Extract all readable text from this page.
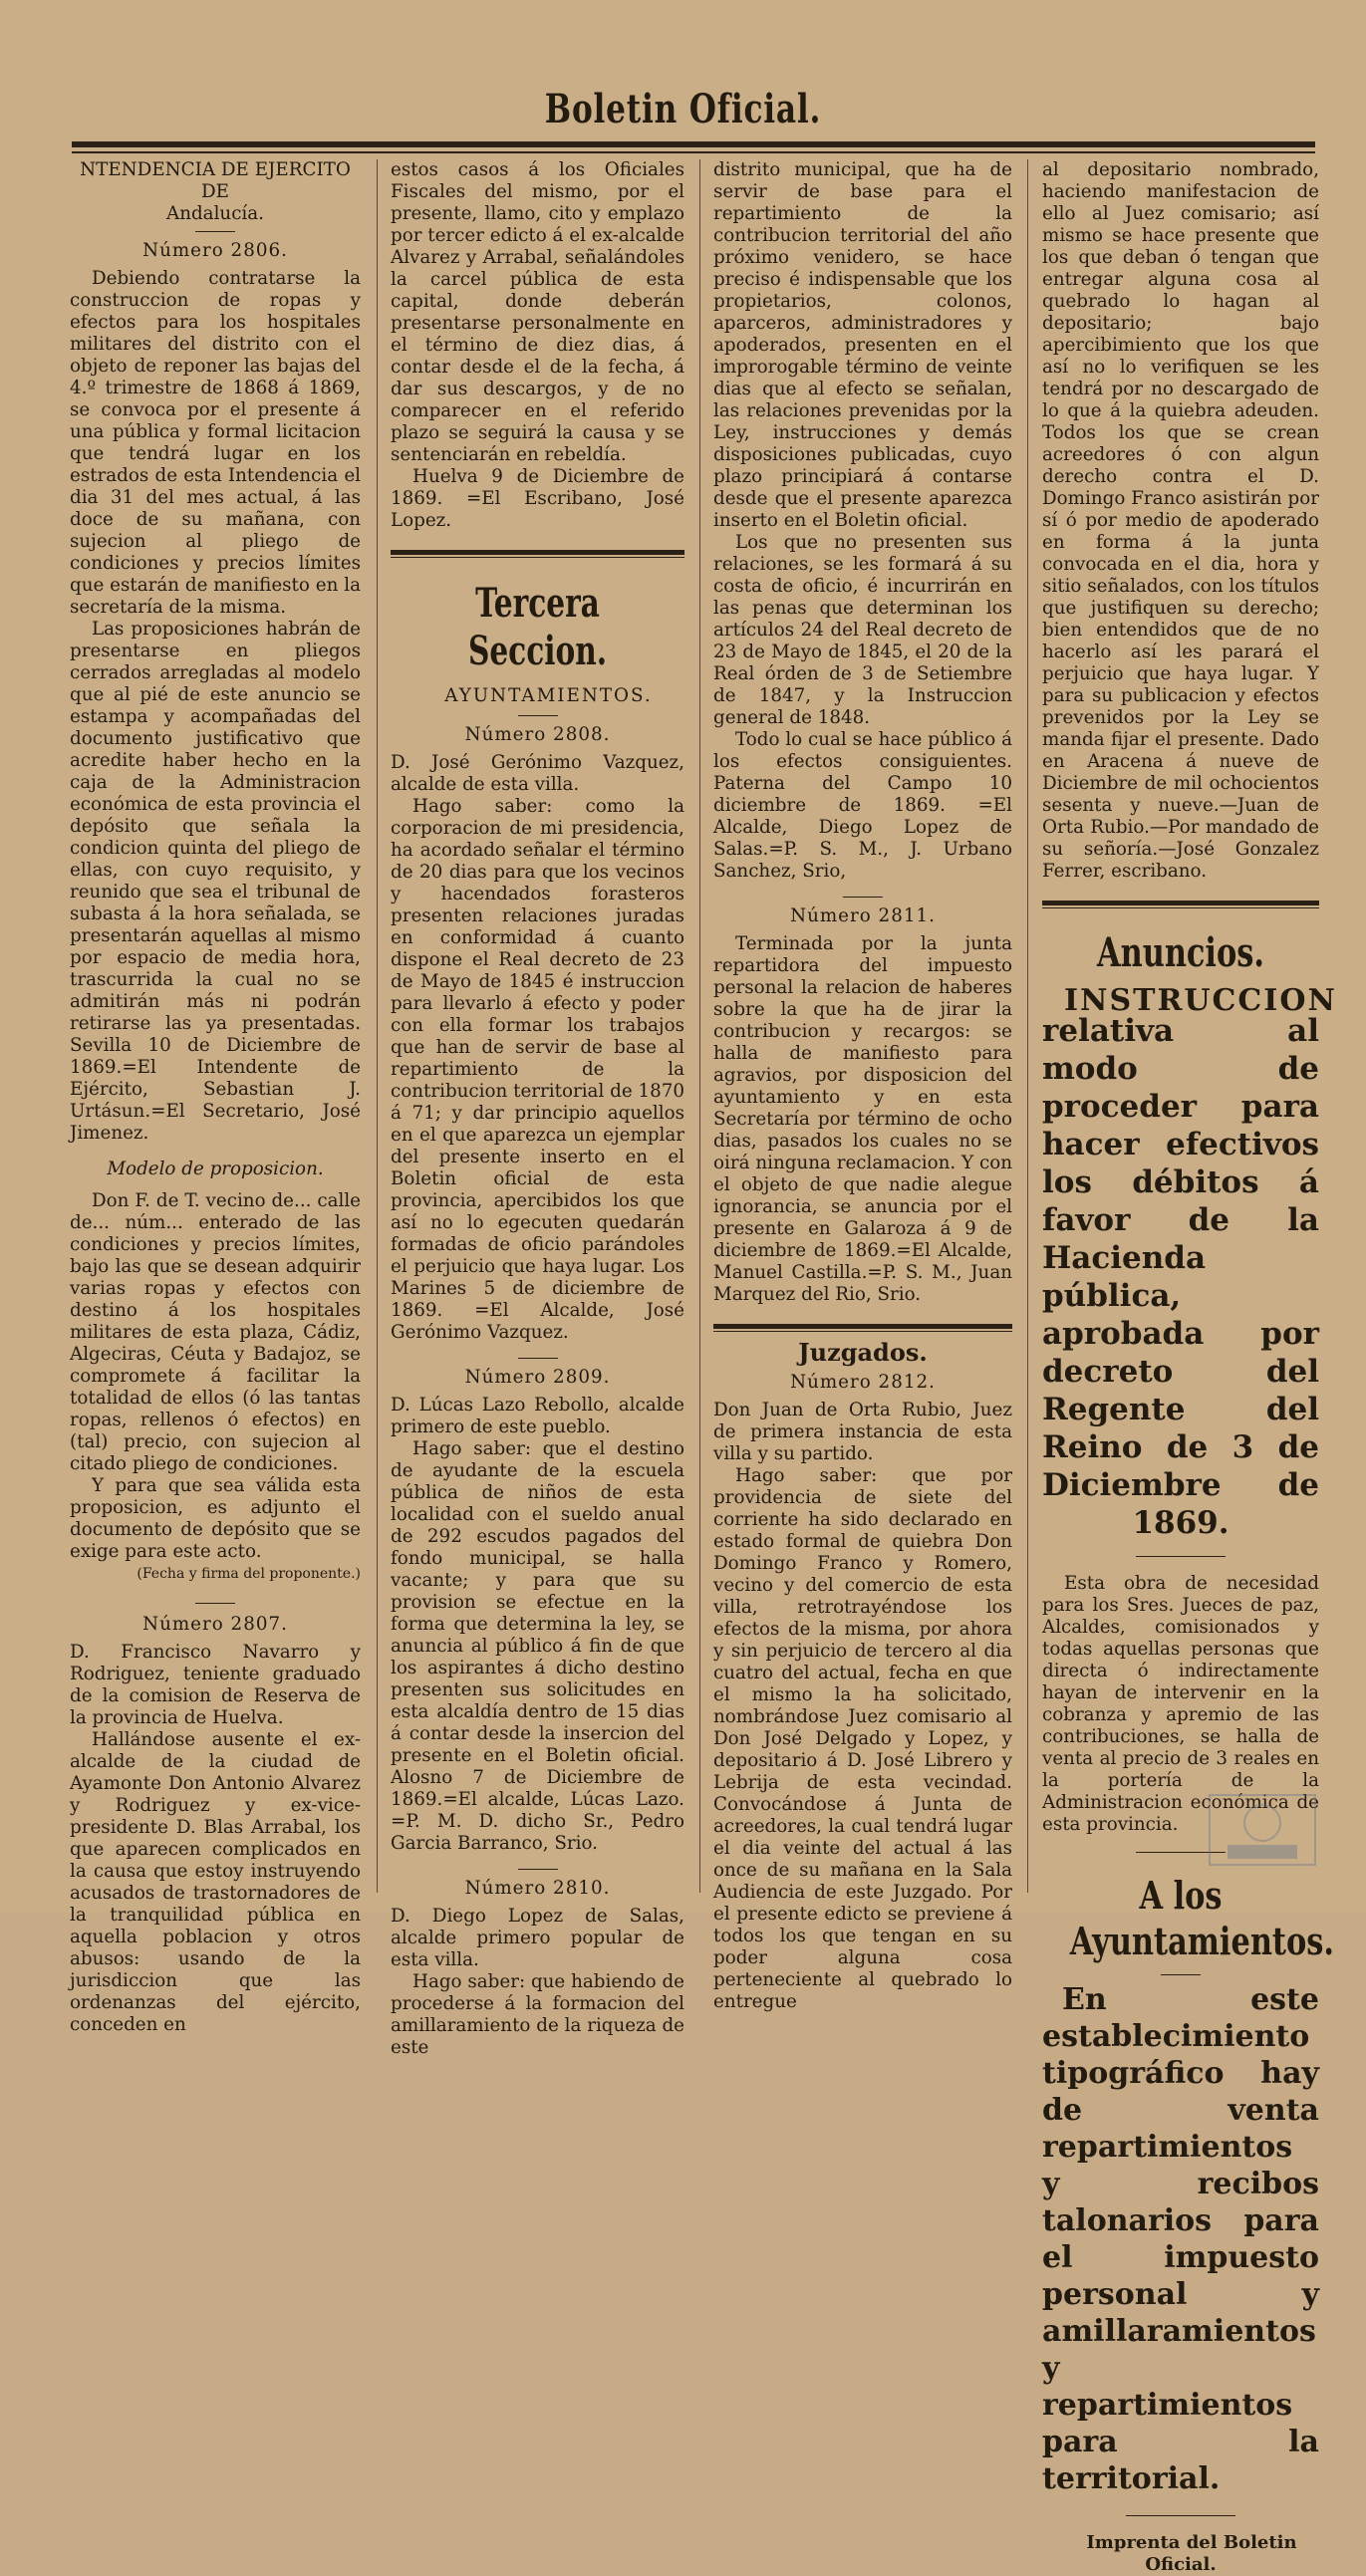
Boletin Oficial.

NTENDENCIA DE EJERCITO DE

Andalucía.

Número 2806.

Debiendo contratarse la construccion de ropas y efectos para los hospitales militares del distrito con el objeto de reponer las bajas del 4.º trimestre de 1868 á 1869, se convoca por el presente á una pública y formal licitacion que tendrá lugar en los estrados de esta Intendencia el dia 31 del mes actual, á las doce de su mañana, con sujecion al pliego de condiciones y precios límites que estarán de manifiesto en la secretaría de la misma.

Las proposiciones habrán de presentarse en pliegos cerrados arregladas al modelo que al pié de este anuncio se estampa y acompañadas del documento justificativo que acredite haber hecho en la caja de la Administracion económica de esta provincia el depósito que señala la condicion quinta del pliego de ellas, con cuyo requisito, y reunido que sea el tribunal de subasta á la hora señalada, se presentarán aquellas al mismo por espacio de media hora, trascurrida la cual no se admitirán más ni podrán retirarse las ya presentadas. Sevilla 10 de Diciembre de 1869.=El Intendente de Ejército, Sebastian J. Urtásun.=El Secretario, José Jimenez.

Modelo de proposicion.

Don F. de T. vecino de... calle de... núm... enterado de las condiciones y precios límites, bajo las que se desean adquirir varias ropas y efectos con destino á los hospitales militares de esta plaza, Cádiz, Algeciras, Céuta y Badajoz, se compromete á facilitar la totalidad de ellos (ó las tantas ropas, rellenos ó efectos) en (tal) precio, con sujecion al citado pliego de condiciones.

Y para que sea válida esta proposicion, es adjunto el documento de depósito que se exige para este acto.

(Fecha y firma del proponente.)

Número 2807.

D. Francisco Navarro y Rodriguez, teniente graduado de la comision de Reserva de la provincia de Huelva.

Hallándose ausente el ex-alcalde de la ciudad de Ayamonte Don Antonio Alvarez y Rodriguez y ex-vice-presidente D. Blas Arrabal, los que aparecen complicados en la causa que estoy instruyendo acusados de trastornadores de la tranquilidad pública en aquella poblacion y otros abusos: usando de la jurisdiccion que las ordenanzas del ejército, conceden en

estos casos á los Oficiales Fiscales del mismo, por el presente, llamo, cito y emplazo por tercer edicto á el ex-alcalde Alvarez y Arrabal, señalándoles la carcel pública de esta capital, donde deberán presentarse personalmente en el término de diez dias, á contar desde el de la fecha, á dar sus descargos, y de no comparecer en el referido plazo se seguirá la causa y se sentenciarán en rebeldía.

Huelva 9 de Diciembre de 1869. =El Escribano, José Lopez.

Tercera Seccion.

AYUNTAMIENTOS.

Número 2808.

D. José Gerónimo Vazquez, alcalde de esta villa.

Hago saber: como la corporacion de mi presidencia, ha acordado señalar el término de 20 dias para que los vecinos y hacendados forasteros presenten relaciones juradas en conformidad á cuanto dispone el Real decreto de 23 de Mayo de 1845 é instruccion para llevarlo á efecto y poder con ella formar los trabajos que han de servir de base al repartimiento de la contribucion territorial de 1870 á 71; y dar principio aquellos en el que aparezca un ejemplar del presente inserto en el Boletin oficial de esta provincia, apercibidos los que así no lo egecuten quedarán formadas de oficio parándoles el perjuicio que haya lugar. Los Marines 5 de diciembre de 1869. =El Alcalde, José Gerónimo Vazquez.

Número 2809.

D. Lúcas Lazo Rebollo, alcalde primero de este pueblo.

Hago saber: que el destino de ayudante de la escuela pública de niños de esta localidad con el sueldo anual de 292 escudos pagados del fondo municipal, se halla vacante; y para que su provision se efectue en la forma que determina la ley, se anuncia al público á fin de que los aspirantes á dicho destino presenten sus solicitudes en esta alcaldía dentro de 15 dias á contar desde la insercion del presente en el Boletin oficial. Alosno 7 de Diciembre de 1869.=El alcalde, Lúcas Lazo. =P. M. D. dicho Sr., Pedro Garcia Barranco, Srio.

Número 2810.

D. Diego Lopez de Salas, alcalde primero popular de esta villa.

Hago saber: que habiendo de procederse á la formacion del amillaramiento de la riqueza de este

distrito municipal, que ha de servir de base para el repartimiento de la contribucion territorial del año próximo venidero, se hace preciso é indispensable que los propietarios, colonos, aparceros, administradores y apoderados, presenten en el improrogable término de veinte dias que al efecto se señalan, las relaciones prevenidas por la Ley, instrucciones y demás disposiciones publicadas, cuyo plazo principiará á contarse desde que el presente aparezca inserto en el Boletin oficial.

Los que no presenten sus relaciones, se les formará á su costa de oficio, é incurrirán en las penas que determinan los artículos 24 del Real decreto de 23 de Mayo de 1845, el 20 de la Real órden de 3 de Setiembre de 1847, y la Instruccion general de 1848.

Todo lo cual se hace público á los efectos consiguientes. Paterna del Campo 10 diciembre de 1869. =El Alcalde, Diego Lopez de Salas.=P. S. M., J. Urbano Sanchez, Srio,

Número 2811.

Terminada por la junta repartidora del impuesto personal la relacion de haberes sobre la que ha de jirar la contribucion y recargos: se halla de manifiesto para agravios, por disposicion del ayuntamiento y en esta Secretaría por término de ocho dias, pasados los cuales no se oirá ninguna reclamacion. Y con el objeto de que nadie alegue ignorancia, se anuncia por el presente en Galaroza á 9 de diciembre de 1869.=El Alcalde, Manuel Castilla.=P. S. M., Juan Marquez del Rio, Srio.

Juzgados.

Número 2812.

Don Juan de Orta Rubio, Juez de primera instancia de esta villa y su partido.

Hago saber: que por providencia de siete del corriente ha sido declarado en estado formal de quiebra Don Domingo Franco y Romero, vecino y del comercio de esta villa, retrotrayéndose los efectos de la misma, por ahora y sin perjuicio de tercero al dia cuatro del actual, fecha en que el mismo la ha solicitado, nombrándose Juez comisario al Don José Delgado y Lopez, y depositario á D. José Librero y Lebrija de esta vecindad. Convocándose á Junta de acreedores, la cual tendrá lugar el dia veinte del actual á las once de su mañana en la Sala Audiencia de este Juzgado. Por el presente edicto se previene á todos los que tengan en su poder alguna cosa perteneciente al quebrado lo entregue

al depositario nombrado, haciendo manifestacion de ello al Juez comisario; así mismo se hace presente que los que deban ó tengan que entregar alguna cosa al quebrado lo hagan al depositario; bajo apercibimiento que los que así no lo verifiquen se les tendrá por no descargado de lo que á la quiebra adeuden. Todos los que se crean acreedores ó con algun derecho contra el D. Domingo Franco asistirán por sí ó por medio de apoderado en forma á la junta convocada en el dia, hora y sitio señalados, con los títulos que justifiquen su derecho; bien entendidos que de no hacerlo así les parará el perjuicio que haya lugar. Y para su publicacion y efectos prevenidos por la Ley se manda fijar el presente. Dado en Aracena á nueve de Diciembre de mil ochocientos sesenta y nueve.—Juan de Orta Rubio.—Por mandado de su señoría.—José Gonzalez Ferrer, escribano.

Anuncios.

INSTRUCCION

relativa al modo de proceder para hacer efectivos los débitos á favor de la Hacienda pública, aprobada por decreto del Regente del Reino de 3 de Diciembre de 1869.

Esta obra de necesidad para los Sres. Jueces de paz, Alcaldes, comisionados y todas aquellas personas que directa ó indirectamente hayan de intervenir en la cobranza y apremio de las contribuciones, se halla de venta al precio de 3 reales en la portería de la Administracion económica de esta provincia.

A los Ayuntamientos.

En este establecimiento tipográfico hay de venta repartimientos y recibos talonarios para el impuesto personal y amillaramientos y repartimientos para la territorial.

Imprenta del Boletin Oficial.
